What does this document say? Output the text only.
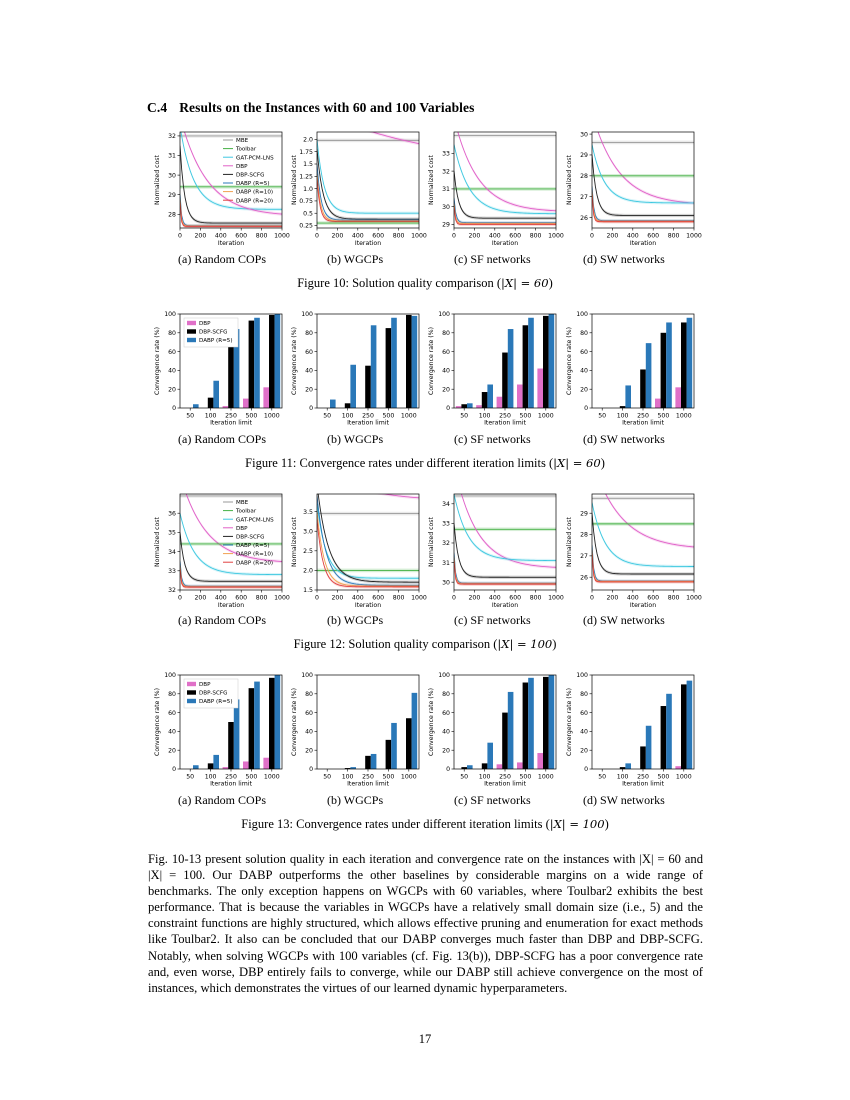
C.4 Results on the Instances with 60 and 100 Variables
0 200 400 600 800 1000
28
29
30
31
32
Iteration
Normalized cost
MBE
Toolbar
GAT-PCM-LNS
DBP
DBP-SCFG
DABP (R=5)
DABP (R=10)
DABP (R=20)
0 200 400 600 800 1000
0.25
0.5
0.75
1.0
1.25
1.5
1.75
2.0
Iteration
Normalized cost
0 200 400 600 800 1000
29
30
31
32
33
Iteration
Normalized cost
0 200 400 600 800 1000
26
27
28
29
30
Iteration
Normalized cost
(a) Random COPs	(b) WGCPs	(c) SF networks	(d) SW networks
Figure 10: Solution quality comparison (|X| = 60)
50 100 250 500 1000
0
20
40
60
80
100
Iteration limit
Convergence rate (%)
DBP
DBP-SCFG
DABP (R=5)
50 100 250 500 1000
0
20
40
60
80
100
Iteration limit
Convergence rate (%)
50 100 250 500 1000
0
20
40
60
80
100
Iteration limit
Convergence rate (%)
50 100 250 500 1000
0
20
40
60
80
100
Iteration limit
Convergence rate (%)
(a) Random COPs	(b) WGCPs	(c) SF networks	(d) SW networks
Figure 11: Convergence rates under different iteration limits (|X| = 60)
0 200 400 600 800 1000
32
33
34
35
36
Iteration
Normalized cost
MBE
Toolbar
GAT-PCM-LNS
DBP
DBP-SCFG
DABP (R=5)
DABP (R=10)
DABP (R=20)
0 200 400 600 800 1000
1.5
2.0
2.5
3.0
3.5
Iteration
Normalized cost
0 200 400 600 800 1000
30
31
32
33
34
Iteration
Normalized cost
0 200 400 600 800 1000
26
27
28
29
Iteration
Normalized cost
(a) Random COPs	(b) WGCPs	(c) SF networks	(d) SW networks
Figure 12: Solution quality comparison (|X| = 100)
50 100 250 500 1000
0
20
40
60
80
100
Iteration limit
Convergence rate (%)
DBP
DBP-SCFG
DABP (R=5)
50 100 250 500 1000
0
20
40
60
80
100
Iteration limit
Convergence rate (%)
50 100 250 500 1000
0
20
40
60
80
100
Iteration limit
Convergence rate (%)
50 100 250 500 1000
0
20
40
60
80
100
Iteration limit
Convergence rate (%)
(a) Random COPs	(b) WGCPs	(c) SF networks	(d) SW networks
Figure 13: Convergence rates under different iteration limits (|X| = 100)
Fig. 10-13 present solution quality in each iteration and convergence rate on the instances with |X| = 60 and |X| = 100. Our DABP outperforms the other baselines by considerable margins on a wide range of benchmarks. The only exception happens on WGCPs with 60 variables, where Toulbar2 exhibits the best performance. That is because the variables in WGCPs have a relatively small domain size (i.e., 5) and the constraint functions are highly structured, which allows effective pruning and enumeration for exact methods like Toulbar2. It also can be concluded that our DABP converges much faster than DBP and DBP-SCFG. Notably, when solving WGCPs with 100 variables (cf. Fig. 13(b)), DBP-SCFG has a poor convergence rate and, even worse, DBP entirely fails to converge, while our DABP still achieve convergence on the most of instances, which demonstrates the virtues of our learned dynamic hyperparameters.
17
